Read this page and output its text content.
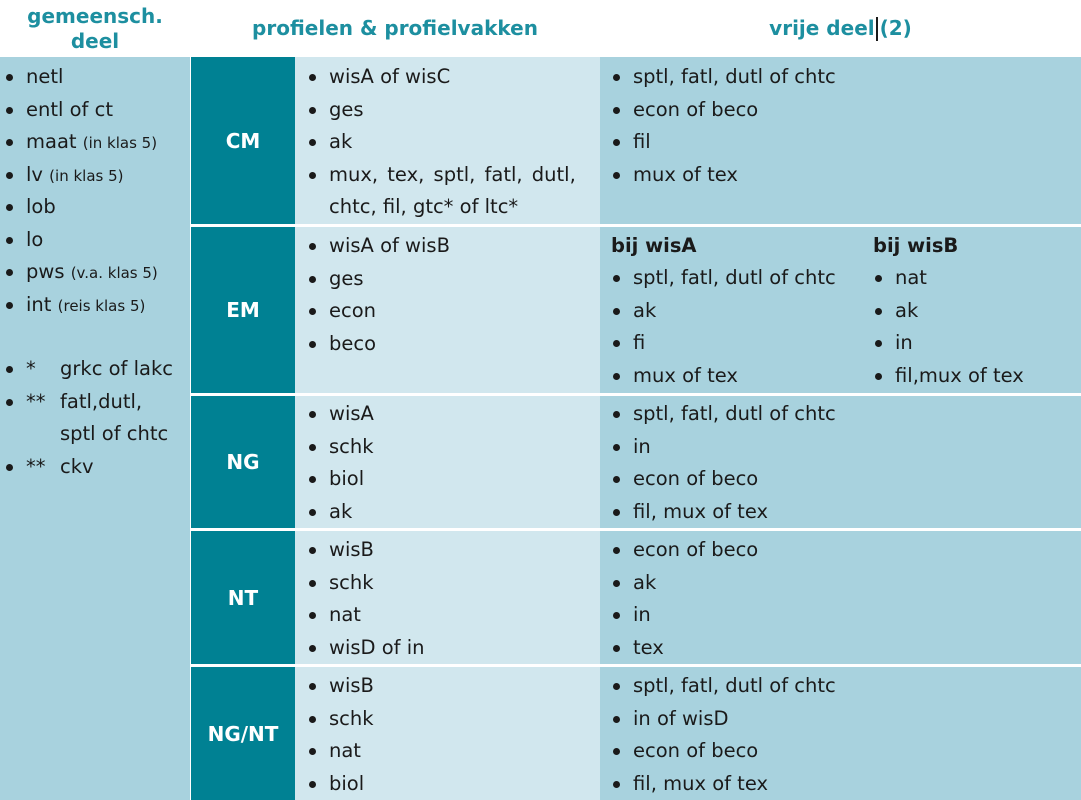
gemeensch.
deel
profielen & profielvakken	vrije deel (2)
CM
EM
NG
NT
NG/NT
netl
entl of ct
maat (in klas 5)
lv (in klas 5)
lob
lo
pws (v.a. klas 5)
int (reis klas 5)
* grkc of lakc
** fatl,dutl,
sptl of chtc
** ckv
wisA of wisC
ges
ak
mux, tex, sptl, fatl, dutl,
chtc, fil, gtc* of ltc*
sptl, fatl, dutl of chtc
econ of beco
fil
mux of tex
wisA of wisB
ges
econ
beco
bij wisA
sptl, fatl, dutl of chtc
ak
fi
mux of tex
bij wisB
nat
ak
in
fil,mux of tex
wisA
schk
biol
ak
sptl, fatl, dutl of chtc
in
econ of beco
fil, mux of tex
wisB
schk
nat
wisD of in
econ of beco
ak
in
tex
wisB
schk
nat
biol
sptl, fatl, dutl of chtc
in of wisD
econ of beco
fil, mux of tex
